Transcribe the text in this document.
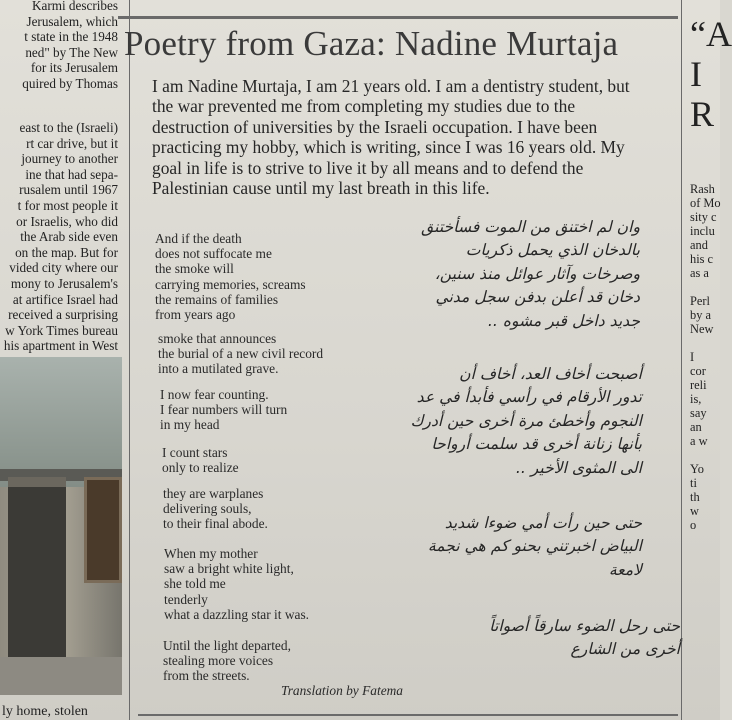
Karmi describes
Jerusalem, which
t state in the 1948
ned" by The New
for its Jerusalem
quired by Thomas
east to the (Israeli)
rt car drive, but it
journey to another
ine that had sepa-
rusalem until 1967
t for most people it
or Israelis, who did
the Arab side even
on the map. But for
vided city where our
mony to Jerusalem's
at artifice Israel had
received a surprising
w York Times bureau
his apartment in West
ly home, stolen
“A
I
R
Rash
of Mo
sity c
inclu
and
his c
as a

Perl
by a
New

I
cor
reli
is,
say
an
a w

Yo
ti
th
w
o
Poetry from Gaza: Nadine Murtaja
I am Nadine Murtaja, I am 21 years old. I am a dentistry student, but the war prevented me from completing my studies due to the destruction of universities by the Israeli occupation. I have been practicing my hobby, which is writing, since I was 16 years old. My goal in life is to strive to live it by all means and to defend the Palestinian cause until my last breath in this life.
And if the death
does not suffocate me
the smoke will
carrying memories, screams
the remains of families
from years ago
smoke that announces
the burial of a new civil record
into a mutilated grave.
I now fear counting.
I fear numbers will turn
in my head
I count stars
only to realize
they are warplanes
delivering souls,
to their final abode.
When my mother
saw a bright white light,
she told me
tenderly
what a dazzling star it was.
Until the light departed,
stealing more voices
from the streets.
وان لم اختنق من الموت فسأختنق
بالدخان الذي يحمل ذكريات
وصرخات وآثار عوائل منذ سنين،
دخان قد أعلن بدفن سجل مدني
جديد داخل قبر مشوه ..
أصبحت أخاف العد، أخاف أن
تدور الأرقام في رأسي فأبدأ في عد
النجوم وأخطئ مرة أخرى حين أدرك
بأنها زنانة أخرى قد سلمت أرواحا
الى المثوى الأخير ..
حتى حين رأت أمي ضوءا شديد
البياض اخبرتني بحنو كم هي نجمة
لامعة
حتى رحل الضوء سارقاً أصواتاً
أخرى من الشارع
Translation by Fatema
